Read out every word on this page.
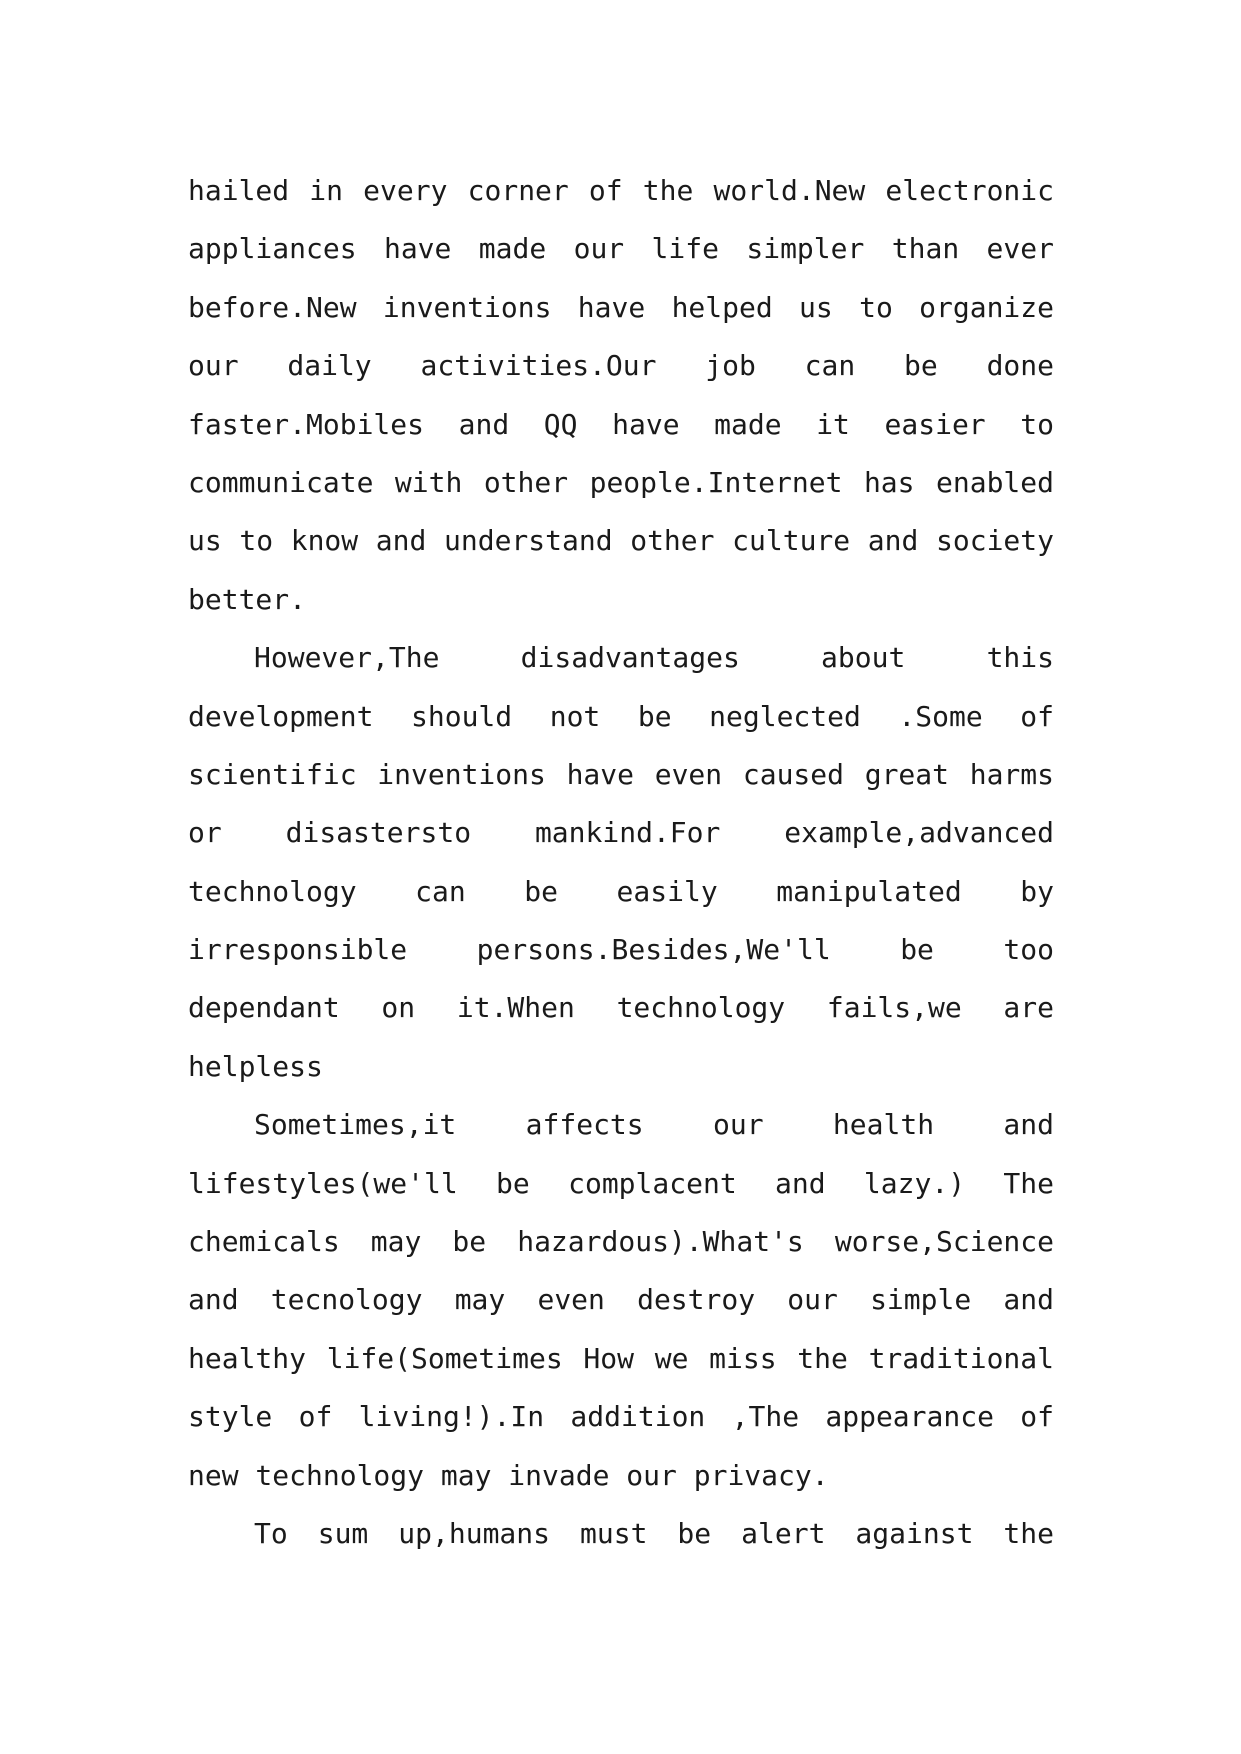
hailed in every corner of the world.New electronic
appliances have made our life simpler than ever
before.New inventions have helped us to organize
our daily activities.Our job can be done
faster.Mobiles and QQ have made it easier to
communicate with other people.Internet has enabled
us to know and understand other culture and society
better.
However,The disadvantages about this
development should not be neglected .Some of
scientific inventions have even caused great harms
or disastersto mankind.For example,advanced
technology can be easily manipulated by
irresponsible persons.Besides,We'll be too
dependant on it.When technology fails,we are
helpless
Sometimes,it affects our health and
lifestyles(we'll be complacent and lazy.) The
chemicals may be hazardous).What's worse,Science
and tecnology may even destroy our simple and
healthy life(Sometimes How we miss the traditional
style of living!).In addition ,The appearance of
new technology may invade our privacy.
To sum up,humans must be alert against the
